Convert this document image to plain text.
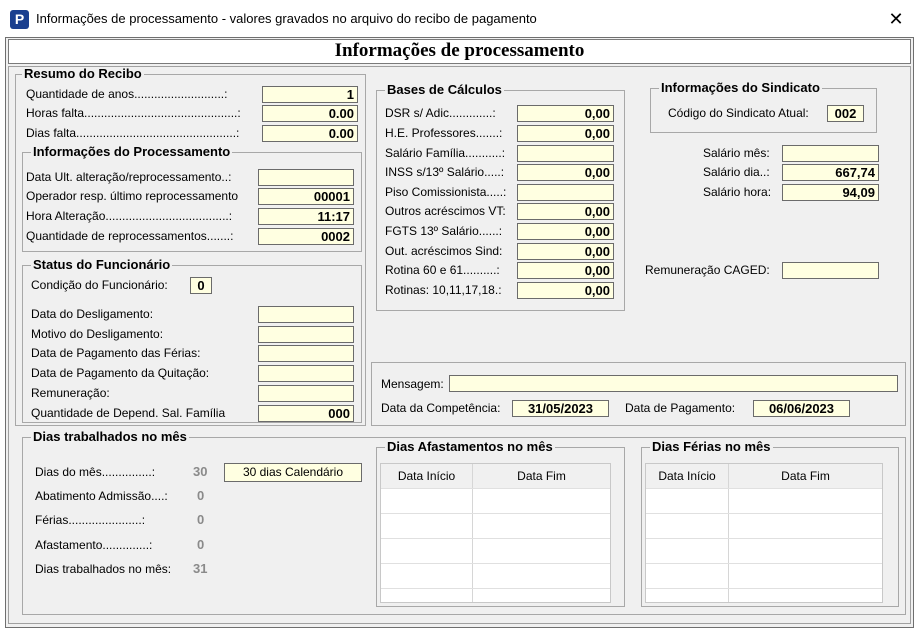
P Informações de processamento - valores gravados no arquivo do recibo de pagamento	✕
Informações de processamento
Resumo do Recibo
Quantidade de anos...........................:	1
Horas falta..............................................:	0.00
Dias falta................................................:	0.00
Informações do Processamento
Data Ult. alteração/reprocessamento..:
Operador resp. último reprocessamento	00001
Hora Alteração.....................................:	11:17
Quantidade de reprocessamentos.......:	0002
Status do Funcionário
Condição do Funcionário:	0
Data do Desligamento:
Motivo do Desligamento:
Data de Pagamento das Férias:
Data de Pagamento da Quitação:
Remuneração:
Quantidade de Depend. Sal. Família	000
Bases de Cálculos
DSR s/ Adic.............:	0,00
H.E. Professores.......:	0,00
Salário Família...........:
INSS s/13º Salário.....:	0,00
Piso Comissionista.....:
Outros acréscimos VT:	0,00
FGTS 13º Salário......:	0,00
Out. acréscimos Sind:	0,00
Rotina 60 e 61..........:	0,00
Rotinas: 10,11,17,18.:	0,00
Informações do Sindicato
Código do Sindicato Atual:	002
Salário mês:
Salário dia..:	667,74
Salário hora:	94,09
Remuneração CAGED:
Mensagem:
Data da Competência:	31/05/2023	Data de Pagamento:	06/06/2023
Dias trabalhados no mês
Dias do mês...............:	30	30 dias Calendário
Abatimento Admissão....: 0
Férias......................:	0
Afastamento..............:	0
Dias trabalhados no mês: 31
Dias Afastamentos no mês
Data Início	Data Fim
Dias Férias no mês
Data Início	Data Fim
